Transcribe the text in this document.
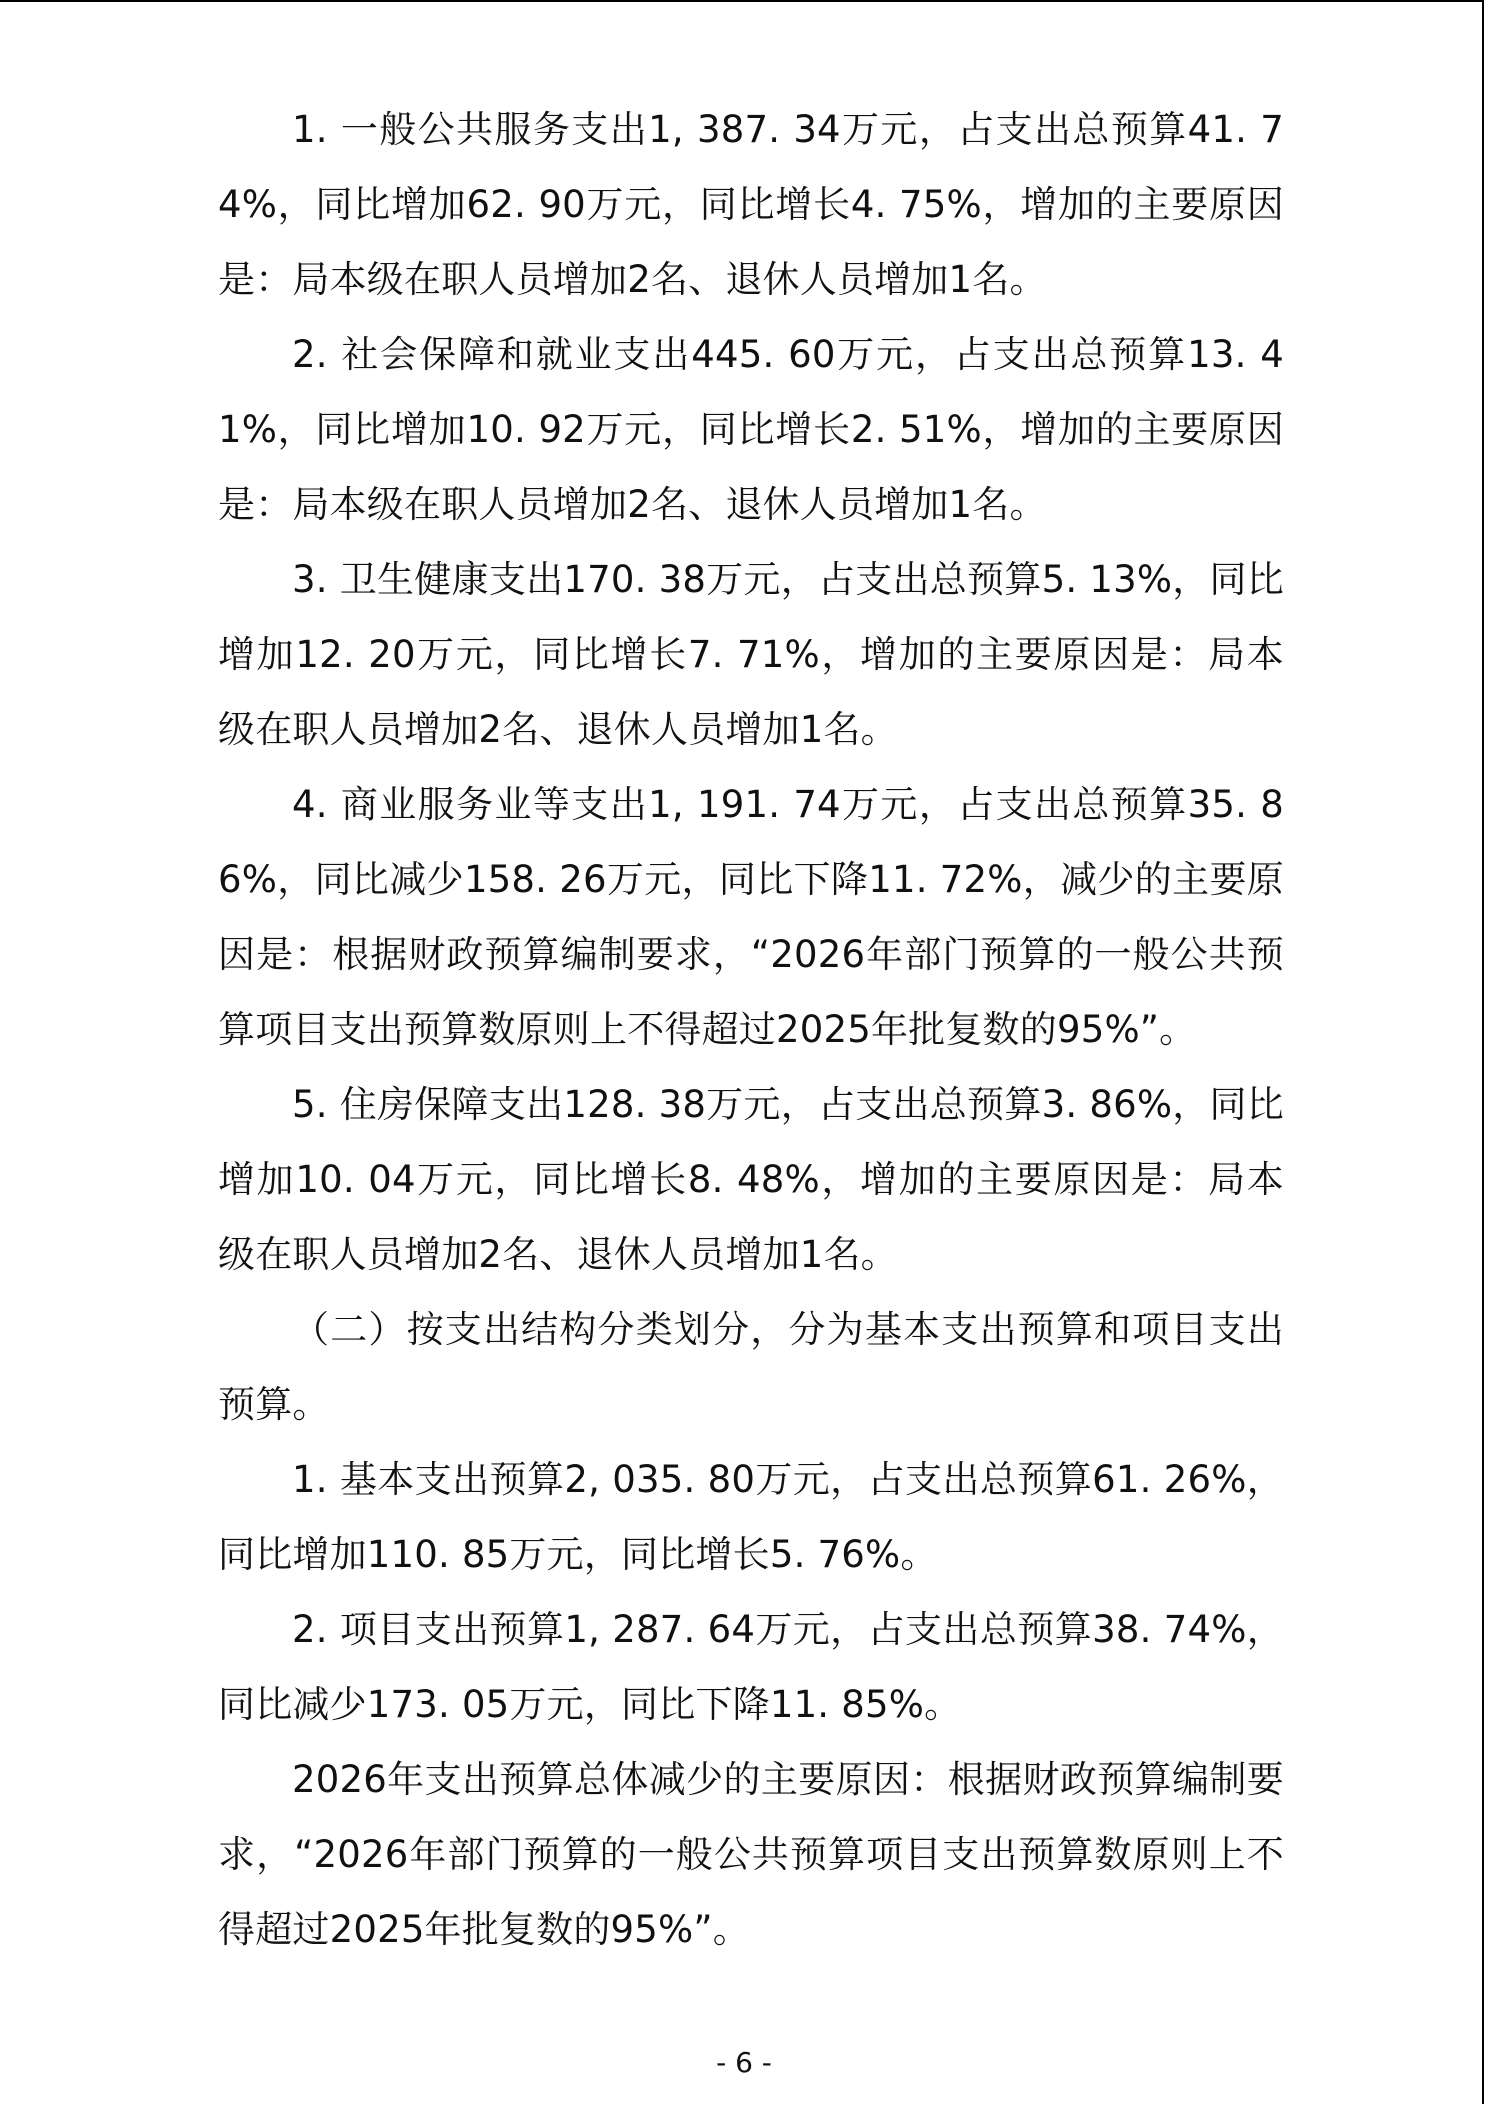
1. 一般公共服务支出1, 387. 34万元，占支出总预算41. 74%，同比增加62. 90万元，同比增长4. 75%，增加的主要原因是：局本级在职人员增加2名、退休人员增加1名。

2. 社会保障和就业支出445. 60万元，占支出总预算13. 41%，同比增加10. 92万元，同比增长2. 51%，增加的主要原因是：局本级在职人员增加2名、退休人员增加1名。

3. 卫生健康支出170. 38万元，占支出总预算5. 13%，同比增加12. 20万元，同比增长7. 71%，增加的主要原因是：局本级在职人员增加2名、退休人员增加1名。

4. 商业服务业等支出1, 191. 74万元，占支出总预算35. 86%，同比减少158. 26万元，同比下降11. 72%，减少的主要原因是：根据财政预算编制要求，“2026年部门预算的一般公共预算项目支出预算数原则上不得超过2025年批复数的95%”。

5. 住房保障支出128. 38万元，占支出总预算3. 86%，同比增加10. 04万元，同比增长8. 48%，增加的主要原因是：局本级在职人员增加2名、退休人员增加1名。

（二）按支出结构分类划分，分为基本支出预算和项目支出预算。

1. 基本支出预算2, 035. 80万元，占支出总预算61. 26%，同比增加110. 85万元，同比增长5. 76%。

2. 项目支出预算1, 287. 64万元，占支出总预算38. 74%，同比减少173. 05万元，同比下降11. 85%。

2026年支出预算总体减少的主要原因：根据财政预算编制要求，“2026年部门预算的一般公共预算项目支出预算数原则上不得超过2025年批复数的95%”。

- 6 -
